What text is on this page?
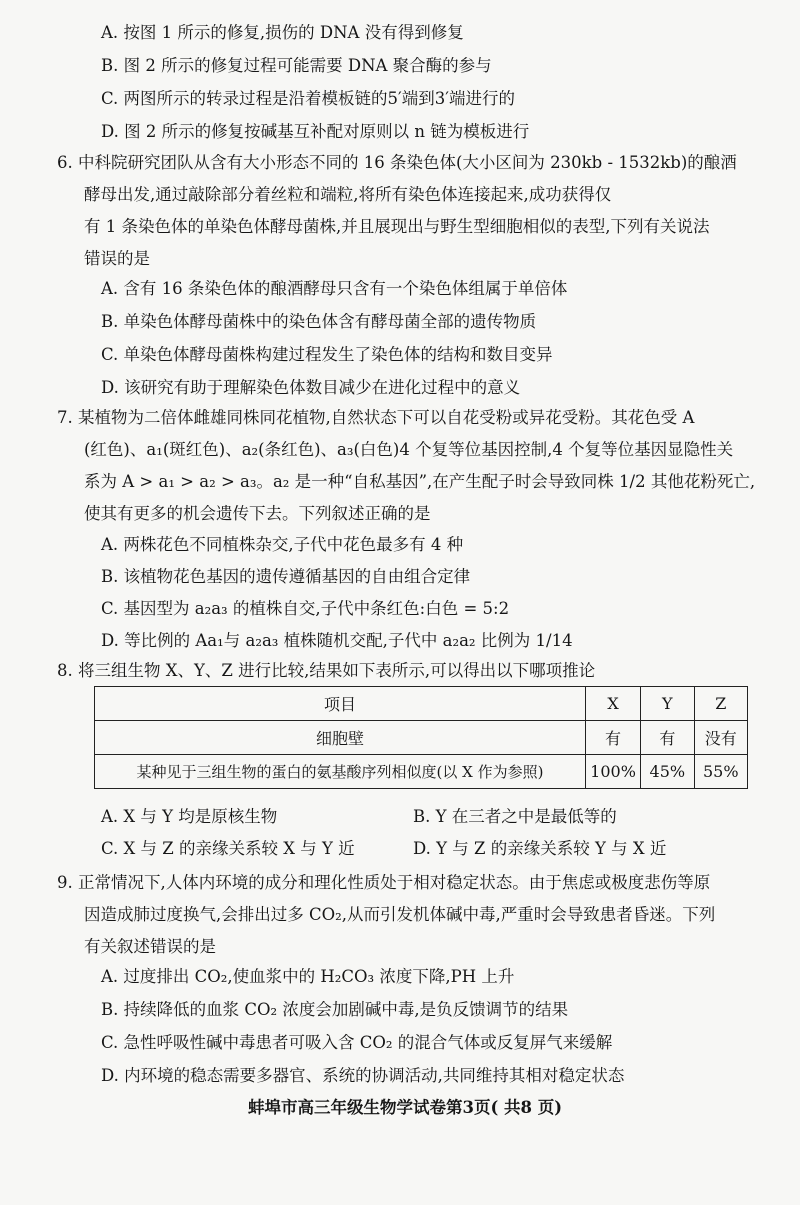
A. 按图 1 所示的修复,损伤的 DNA 没有得到修复
B. 图 2 所示的修复过程可能需要 DNA 聚合酶的参与
C. 两图所示的转录过程是沿着模板链的5′端到3′端进行的
D. 图 2 所示的修复按碱基互补配对原则以 n 链为模板进行
6. 中科院研究团队从含有大小形态不同的 16 条染色体(大小区间为 230kb - 1532kb)的酿酒
酵母出发,通过敲除部分着丝粒和端粒,将所有染色体连接起来,成功获得仅
有 1 条染色体的单染色体酵母菌株,并且展现出与野生型细胞相似的表型,下列有关说法
错误的是
A. 含有 16 条染色体的酿酒酵母只含有一个染色体组属于单倍体
B. 单染色体酵母菌株中的染色体含有酵母菌全部的遗传物质
C. 单染色体酵母菌株构建过程发生了染色体的结构和数目变异
D. 该研究有助于理解染色体数目减少在进化过程中的意义
7. 某植物为二倍体雌雄同株同花植物,自然状态下可以自花受粉或异花受粉。其花色受 A
(红色)、a₁(斑红色)、a₂(条红色)、a₃(白色)4 个复等位基因控制,4 个复等位基因显隐性关
系为 A > a₁ > a₂ > a₃。a₂ 是一种“自私基因”,在产生配子时会导致同株 1/2 其他花粉死亡,
使其有更多的机会遗传下去。下列叙述正确的是
A. 两株花色不同植株杂交,子代中花色最多有 4 种
B. 该植物花色基因的遗传遵循基因的自由组合定律
C. 基因型为 a₂a₃ 的植株自交,子代中条红色:白色 = 5:2
D. 等比例的 Aa₁与 a₂a₃ 植株随机交配,子代中 a₂a₂ 比例为 1/14
8. 将三组生物 X、Y、Z 进行比较,结果如下表所示,可以得出以下哪项推论
项目	X	Y	Z
细胞壁	有	有	没有
某种见于三组生物的蛋白的氨基酸序列相似度(以 X 作为参照)	100%	45%	55%
A. X 与 Y 均是原核生物	B. Y 在三者之中是最低等的
C. X 与 Z 的亲缘关系较 X 与 Y 近	D. Y 与 Z 的亲缘关系较 Y 与 X 近
9. 正常情况下,人体内环境的成分和理化性质处于相对稳定状态。由于焦虑或极度悲伤等原
因造成肺过度换气,会排出过多 CO₂,从而引发机体碱中毒,严重时会导致患者昏迷。下列
有关叙述错误的是
A. 过度排出 CO₂,使血浆中的 H₂CO₃ 浓度下降,PH 上升
B. 持续降低的血浆 CO₂ 浓度会加剧碱中毒,是负反馈调节的结果
C. 急性呼吸性碱中毒患者可吸入含 CO₂ 的混合气体或反复屏气来缓解
D. 内环境的稳态需要多器官、系统的协调活动,共同维持其相对稳定状态
蚌埠市高三年级生物学试卷第3页( 共8 页)
